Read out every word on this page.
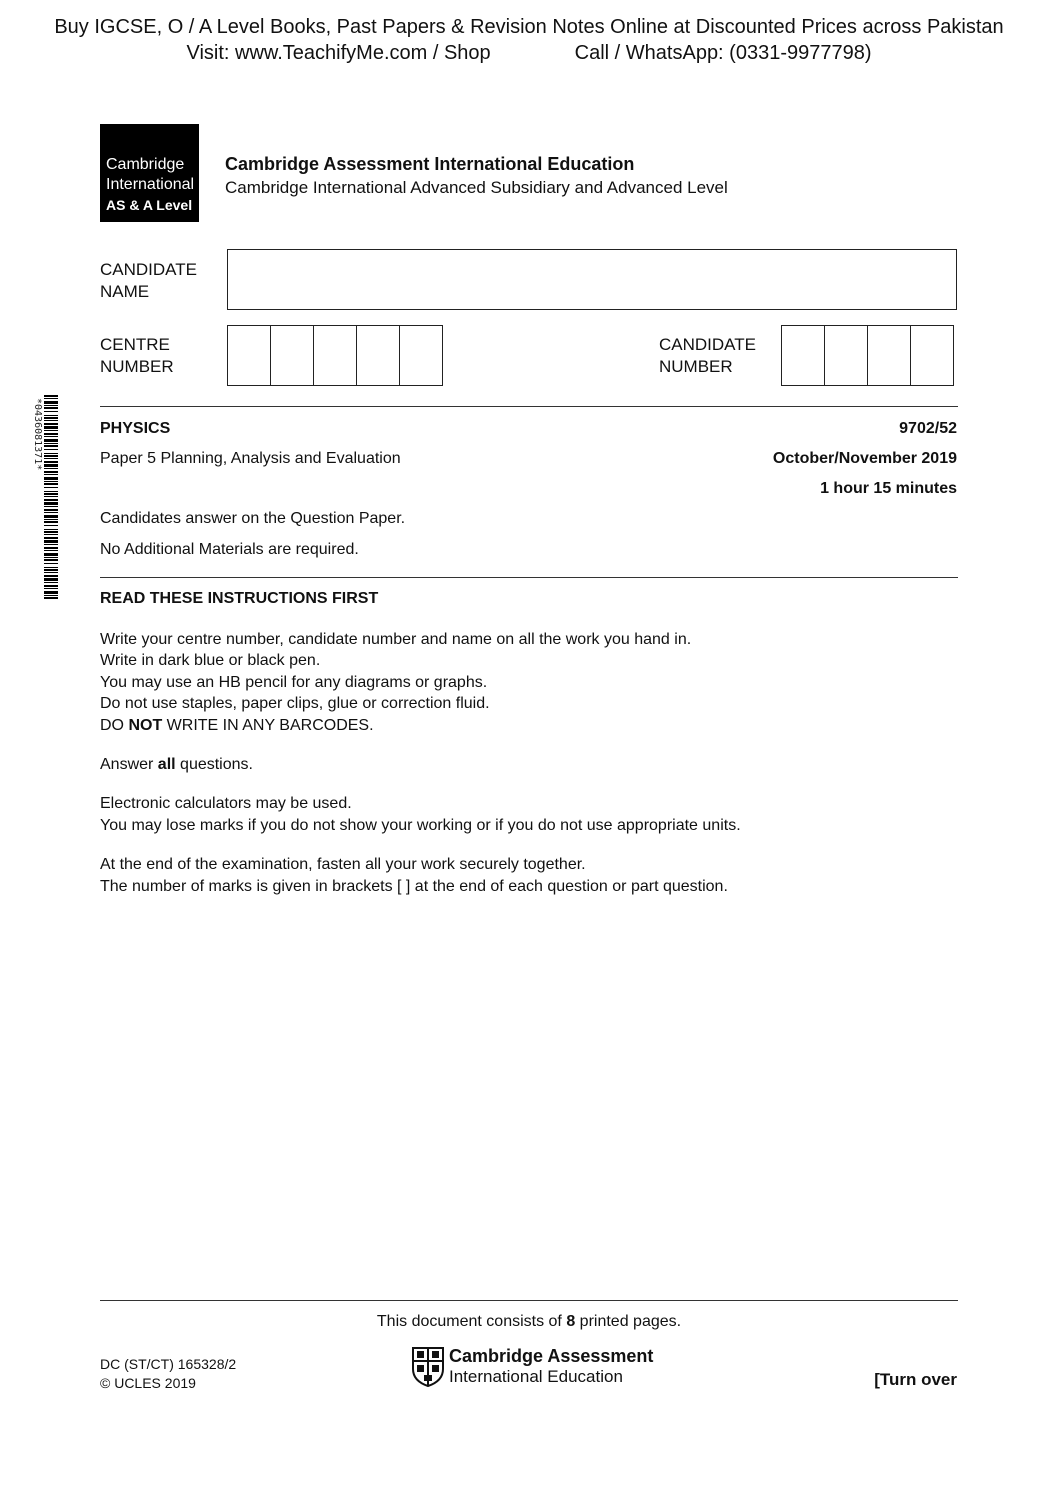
Buy IGCSE, O / A Level Books, Past Papers & Revision Notes Online at Discounted Prices across Pakistan
Visit: www.TeachifyMe.com / Shop	Call / WhatsApp: (0331-9977798)
Cambridge
International
AS & A Level
Cambridge Assessment International Education
Cambridge International Advanced Subsidiary and Advanced Level
CANDIDATE
NAME
CENTRE
NUMBER
CANDIDATE
NUMBER
*0436081371*	PHYSICS	9702/52
Paper 5 Planning, Analysis and Evaluation	October/November 2019
1 hour 15 minutes
Candidates answer on the Question Paper.
No Additional Materials are required.
READ THESE INSTRUCTIONS FIRST

Write your centre number, candidate number and name on all the work you hand in.
Write in dark blue or black pen.
You may use an HB pencil for any diagrams or graphs.
Do not use staples, paper clips, glue or correction fluid.
DO NOT WRITE IN ANY BARCODES.

Answer all questions.

Electronic calculators may be used.
You may lose marks if you do not show your working or if you do not use appropriate units.

At the end of the examination, fasten all your work securely together.
The number of marks is given in brackets [ ] at the end of each question or part question.

This document consists of 8 printed pages.
DC (ST/CT) 165328/2
© UCLES 2019
Cambridge Assessment
International Education	[Turn over
